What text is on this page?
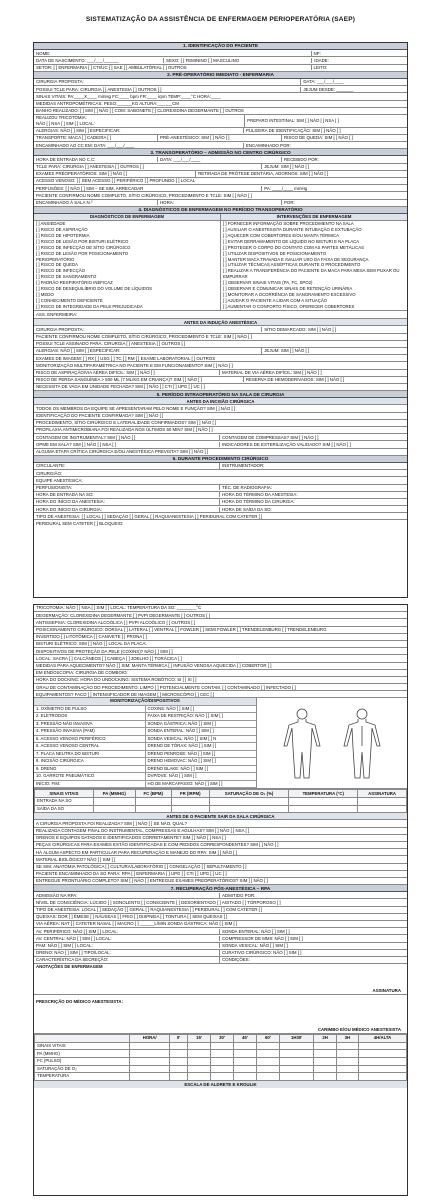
SISTEMATIZAÇÃO DA ASSISTÊNCIA DE ENFERMAGEM PERIOPERATÓRIA (SAEP)
1. IDENTIFICAÇÃO DO PACIENTE
NOME:	NP:
DATA DE NASCIMENTO: ___/___/______	SEXO: [ ] FEMININO [ ] MASCULINO	IDADE:
SETOR: [ ] ENFERMARIA [ ] CTI/UC [ ] SAE [ ] AMBULATÓRIAL [ ] OUTROS	LEITO:
2. PRÉ-OPERATÓRIO IMEDIATO - ENFERMARIA
CIRURGIA PROPOSTA:	DATA: ___/___/____
POSSUI TCLE PARA: CIRURGIA [ ] ANESTESIA [ ] OUTROS [ ]	JEJUM DESDE: _______
SINAIS VITAIS: PA:____X____ mmHg FC:____ bpm FR:____ irpm TEMP:____°C HORA:____
MEDIDAS ANTROPOMÉTRICAS: PESO:______KG ALTURA:______CM
BANHO REALIZADO: [ ] SIM [ ] NÃO [ ] COM: SABONETE [ ] CLOREXIDINA DEGERMANTE [ ] OUTROS
REALIZOU TRICOTOMIA:
NÃO [ ] NSA [ ] SIM [ ] LOCAL:
PREPARO INTESTINAL: SIM [ ] NÃO [ ] NSA [ ]
ALERGIAS: NÃO [ ] SIM [ ] ESPECIFICAR:	PULSEIRA DE IDENTIFICAÇÃO: SIM [ ] NÃO [ ]
TRANSPORTE: MACA [ ] CADEIRA [ ]	PRÉ-ANESTÉSICO: SIM [ ] NÃO [ ]	RISCO DE QUEDA: SIM [ ] NÃO [ ]
ENCAMINHADO AO CC EM: DATA: ___/___/____	ENCAMINHADO POR:
3. TRANSOPERATÓRIO – ADMISSÃO NO CENTRO CIRÚRGICO
HORA DE ENTRADA NO C.C:	DATA: ___/___/____	RECEBIDO POR:
TCLE PARA: CIRURGIA [ ] ANESTESIA [ ] OUTROS [ ]	JEJUM: SIM [ ] NÃO [ ]
EXAMES PRÉOPERATÓRIOS: SIM [ ] NÃO [ ]	RETIRADA DE PRÓTESE DENTÁRIA, ADORNOS: SIM [ ] NÃO [ ]
ACESSO VENOSO: [ ] SEM ACESSO [ ] PERIFÉRICO [ ] PROFUNDO [ ] LOCAL
PERFUSÕES: [ ] NÃO [ ] SIM – SE SIM, ARRECADAR	PA: ____/____ mmHg
PACIENTE CONFIRMOU NOME COMPLETO, SÍTIO CIRÚRGICO, PROCEDIMENTO E TCLE: SIM [ ] NÃO [ ]
ENCAMINHADO À SALA N.º	HORA:	POR:
4. DIAGNÓSTICOS DE ENFERMAGEM NO PERÍODO TRANSOPERATÓRIO
DIAGNÓSTICOS DE ENFERMAGEM
[ ] ANSIEDADE
[ ] RISCO DE ASPIRAÇÃO
[ ] RISCO DE HIPOTERMIA
[ ] RISCO DE LESÃO POR BISTURI ELÉTRICO
[ ] RISCO DE INFECÇÃO DE SÍTIO CIRÚRGICO
[ ] RISCO DE LESÃO POR POSICIONAMENTO
PERIOPERATÓRIO
[ ] RISCO DE QUEDA
[ ] RISCO DE INFECÇÃO
[ ] RISCO DE SANGRAMENTO
[ ] PADRÃO RESPIRATÓRIO INEFICAZ
[ ] RISCO DE DESEQUILÍBRIO DO VOLUME DE LÍQUIDOS
[ ] MEDO
[ ] CONHECIMENTO DEFICIENTE
[ ] RISCO DE INTEGRIDADE DA PELE PREJUDICADA
INTERVENÇÕES DE ENFERMAGEM
[ ] FORNECER INFORMAÇÃO SOBRE PROCEDIMENTO NA SALA
[ ] AUXILIAR O ANESTESISTA DURANTE INTUBAÇÃO E EXTUBAÇÃO
[ ] AQUECER COM COBERTORES E/OU MANTA TÉRMICA
[ ] EVITAR DERRAMAMENTO DE LÍQUIDO NO BISTURI E NA PLACA
[ ] PROTEGER O CORPO DO CONTATO COM AS PARTES METÁLICAS
[ ] UTILIZAR DISPOSITIVOS DE POSICIONAMENTO
[ ] MANTER MACA TRAVADA E AVALIAR USO DA FAIXA DE SEGURANÇA
[ ] UTILIZAR TÉCNICAS ASSÉPTICAS DURANTE O PROCEDIMENTO
[ ] REALIZAR A TRANSFERÊNCIA DO PACIENTE DA MACA PARA MESA SEM PUXAR OU
EMPURRAR
[ ] OBSERVAR SINAIS VITAIS (PA, FC, SPO2)
[ ] OBSERVAR E COMUNICAR SINAIS DE RETENÇÃO URINÁRIA
[ ] MONITORAR A OCORRÊNCIA DE SANGRAMENTO EXCESSIVO
[ ] AJUDAR O PACIENTE A LIDAR COM A SITUAÇÃO
[ ] AUMENTAR O CONFORTO FÍSICO, OFERECER COBERTORES
ASS. ENFERMEIRA:
ANTES DA INDUÇÃO ANESTÉSICA
CIRURGIA PROPOSTA:	SÍTIO DEMARCADO: SIM [ ] NÃO [ ]
PACIENTE CONFIRMOU NOME COMPLETO, SÍTIO CIRÚRGICO, PROCEDIMENTO E TCLE: SIM [ ] NÃO [ ]
POSSUI TCLE ASSINADO PARA: CIRURGIA [ ] ANESTESIA [ ] OUTROS [ ]
ALERGIAS: NÃO [ ] SIM [ ] ESPECIFICAR:	JEJUM: SIM [ ] NÃO [ ]
EXAMES DE IMAGEM: [ ] RX [ ] USG [ ] TC [ ] RM [ ] EXAME LABORATORIAL [ ] OUTROS
MONITORIZAÇÃO MULTIPARAMÉTRICA NO PACIENTE E EM FUNCIONAMENTO? SIM [ ] NÃO [ ]
RISCO DE ASPIRAÇÃO/VIA AÉREA DIFÍCIL: SIM [ ] NÃO [ ]	MATERIAL DE VIA AÉREA DIFÍCIL: SIM [ ] NÃO [ ]
RISCO DE PERDA SANGUÍNEA > 500 ML (7 ML/KG EM CRIANÇA)? SIM [ ] NÃO [ ]	RESERVA DE HEMODERIVADOS: SIM [ ] NÃO [ ]
NECESSITA DE VAGA EM UNIDADE FECHADA? SIM [ ] NÃO [ ] CTI [ ] UPG [ ] UC [ ]
5. PERÍODO INTRAOPERATÓRIO NA SALA DE CIRURGIA
ANTES DA INCISÃO CIRÚRGICA
TODOS OS MEMBROS DA EQUIPE SE APRESENTARAM PELO NOME E FUNÇÃO? SIM [ ] NÃO [ ]
IDENTIFICAÇÃO DO PACIENTE CONFIRMADA? SIM [ ] NÃO [ ]
PROCEDIMENTO, SÍTIO CIRÚRGICO E LATERALIDADE CONFIRMADOS? SIM [ ] NÃO [ ]
PROFILAXIA ANTIMICROBIANA FOI REALIZADA NOS ÚLTIMOS 60 MIN? SIM [ ] NÃO [ ]
CONTAGEM DE INSTRUMENTAL? SIM [ ] NÃO [ ]	CONTAGEM DE COMPRESSAS? SIM [ ] NÃO [ ]
OPME EM SALA? SIM [ ] NÃO [ ] NSA [ ]	INDICADORES DE ESTERILIZAÇÃO VALIDADO? SIM [ ] NÃO [ ]
ALGUMA ETAPA CRÍTICA CIRÚRGICA E/OU ANESTÉSICA PREVISTA? SIM [ ] NÃO [ ]
6. DURANTE PROCEDIMENTO CIRÚRGICO
CIRCULANTE:	INSTRUMENTADOR:
CIRURGIÃO:
EQUIPE ANESTÉSICA:
PERFUSIONISTA:	TÉC. DE RADIOGRAFIA:
HORA DE ENTRADA NA SO:	HORA DO TÉRMINO DA ANESTESIA:
HORA DO INÍCIO DA ANESTESIA:	HORA DO TÉRMINO DA CIRURGIA:
HORA DO INÍCIO DA CIRURGIA:	HORA DE SAÍDA DA SO:
TIPO DE ANESTESIA: [ ] LOCAL [ ] SEDAÇÃO [ ] GERAL [ ] RAQUIANESTESIA [ ] PERIDURAL COM CATETER [ ]
PERIDURAL SEM CATETER [ ] BLOQUEIO:
TRICOTOMIA: NÃO [ ] NSA [ ] SIM [ ] LOCAL: TEMPERATURA DA SO: ________°C
DEGERMAÇÃO: CLOREXIDINA DEGERMANTE [ ] PVPI DEGERMANTE [ ] OUTROS [ ]
ANTISSEPSIA: CLOREXIDINA ALCOÓLICA [ ] PVPI ALCOÓLICO [ ] OUTROS [ ]
POSICIONAMENTO CIRÚRGICO: DORSAL [ ] LATERAL [ ] VENTRAL [ ] FOWLER [ ] SEMI FOWLER [ ] TRENDELENBURG [ ] TRENDELENBURG
INVERTIDO [ ] LITOTÔMICA [ ] CANIVETE [ ] PRONA [ ]
BISTURI ELÉTRICO: SIM [ ] NÃO [ ] LOCAL DA PLACA:
DISPOSITIVOS DE PROTEÇÃO DA PELE (COXINS)? NÃO [ ] SIM [ ]
LOCAL: SACRA [ ] CALCÂNEOS [ ] CABEÇA [ ] JOELHO [ ] TORÁCICA [ ]
MEDIDAS PARA AQUECIMENTO? NÃO [ ] SIM: MANTA TÉRMICA [ ] INFUSÃO VENOSA AQUECIDA [ ] COBERTOR [ ]
EM ENDOSCOPIA: CIRURGIA DE COMBOIO:
HORA DO DOCKING: HORA DO UNDOCKING: SISTEMA ROBÓTICO: SI [ ] XI [ ]
GRAU DE CONTAMINAÇÃO DO PROCEDIMENTO: LIMPO [ ] POTENCIALMENTE CONTAM. [ ] CONTAMINADO [ ] INFECTADO [ ]
EQUIPAMENTOS? FACO [ ] INTENSIFICADOR DE IMAGEM [ ] MICROSCÓPIO [ ] CEC [ ]
MONITORIZAÇÃO/DISPOSITIVOS
1. OXÍMETRO DE PULSO	COXINS: NÃO [ ] SIM [ ]
2. ELETRODOS	FAIXA DE RESTRIÇÃO: NÃO [ ] SIM [ ]
3. PRESSÃO NÃO INVASIVA	SONDA GÁSTRICA: NÃO [ ] SIM [ ]
4. PRESSÃO INVASIVA (PAM)	SONDA ENTERAL: NÃO [ ] SIM [ ]
5. ACESSO VENOSO PERIFÉRICO	SONDA VESICAL: NÃO [ ] SIM [ ] N
6. ACESSO VENOSO CENTRAL	DRENO DE TÓRAX: NÃO [ ] SIM [ ]
7. PLACA NEUTRA DO BISTURI	DRENO PENROSE: NÃO [ ] SIM [ ]
8. INCISÃO CIRÚRGICA	DRENO HEMOVAC: NÃO [ ] SIM [ ]
9. DRENO	DRENO BLAKE: NÃO [ ] SIM [ ]
10. GARROTE PNEUMÁTICO	DVP/DVE: NÃO [ ] SIM [ ]
INÍCIO: FIM:	HO DE MARCAPASSO: NÃO [ ] SIM [ ]
SINAIS VITAIS	PA (MMHG)	FC (BPM)	FR (IRPM)	SATURAÇÃO DE O₂ (%)	TEMPERATURA (°C)	ASSINATURA
ENTRADA NA SO						
SAÍDA DA SO						
ANTES DE O PACIENTE SAIR DA SALA CIRÚRGICA
A CIRURGIA PROPOSTA FOI REALIZADA? SIM [ ] NÃO [ ] SE NÃO, QUAL?
REALIZADA CONTAGEM FINAL DO INSTRUMENTAL, COMPRESSAS E AGULHAS? SIM [ ] NÃO [ ] NSA [ ]
DRENOS E EQUIPOS DATADOS E IDENTIFICADOS CORRETAMENTE? SIM [ ] NÃO [ ] NSA [ ]
PEÇAS CIRÚRGICAS PARA EXAMES ESTÃO IDENTIFICADAS E COM PEDIDOS CORRESPONDENTES? SIM [ ] NÃO [ ]
HÁ ALGUM ASPECTO EM PARTICULAR PARA RECUPERAÇÃO E MANEJO DO RPA: SIM [ ] NÃO [ ]
MATERIAL BIOLÓGICO? NÃO [ ] SIM [ ]
SE SIM: ANATOMIA PATOLÓGICA [ ] CULTURA/LABORATÓRIO [ ] CONGELAÇÃO [ ] SEPULTAMENTO [ ]
PACIENTE ENCAMINHADO DA SO PARA: RPA [ ] ENFERMARIA [ ] UPG [ ] CTI [ ] UPG [ ] UC [ ]
ENTREGUE PRONTUÁRIO COMPLETO? SIM [ ] NÃO [ ] ENTREGUE EXAMES PREOPERATÓRIOS? SIM [ ] NÃO [ ]
7. RECUPERAÇÃO PÓS-ANESTÉSICA – RPA
ADMISSÃO NA RPA:	ADMITIDO POR:
NÍVEL DE CONSCIÊNCIA: LÚCIDO [ ] SONOLENTO [ ] CONSCIENTE [ ] DESORIENTADO [ ] AGITADO [ ] TORPOROSO [ ]
TIPO DE ANESTESIA: LOCAL [ ] SEDAÇÃO [ ] GERAL [ ] RAQUIANESTESIA [ ] PERIDURAL [ ] COM CATETER [ ]
QUEIXAS: DOR [ ] ÊMESE [ ] NÁUSEAS [ ] FRIO [ ] DISPNEIA [ ] TONTURA [ ] SEM QUEIXAS [ ]
VIA AÉREA: NAT [ ] CATETER NASAL [ ] MACRO [ ] ______L/MIN SONDA GÁSTRICA: NÃO [ ] SIM [ ]
AV. PERIFÉRICO: NÃO [ ] SIM [ ] LOCAL:	SONDA ENTERAL: NÃO [ ] SIM [ ]
AV. CENTRAL: NÃO [ ] SIM [ ] LOCAL:	COMPRESSOR DE MMII: NÃO [ ] SIM [ ]
PAM: NÃO [ ] SIM [ ] LOCAL:	SONDA VESICAL: NÃO [ ] SIM [ ]
DRENO: NÃO [ ] SIM [ ] TIPO/LOCAL:	CURATIVO CIRÚRGICO: NÃO [ ] SIM [ ]
CARACTERÍSTICA DA SECREÇÃO:	CONDIÇÕES:
ANOTAÇÕES DE ENFERMAGEM
ASSINATURA
PRESCRIÇÃO DO MÉDICO ANESTESISTA:
CARIMBO E/OU MÉDICO ANESTESISTA
	HORA/	0'	15'	30'	45'	60'	1H30'	2H	3H	4H/ALTA
SINAIS VITAIS										
PA (MMHG)										
FC (PULSO)										
SATURAÇÃO DE O₂										
TEMPERATURA										
ESCALA DE ALDRETE E KROULIK
